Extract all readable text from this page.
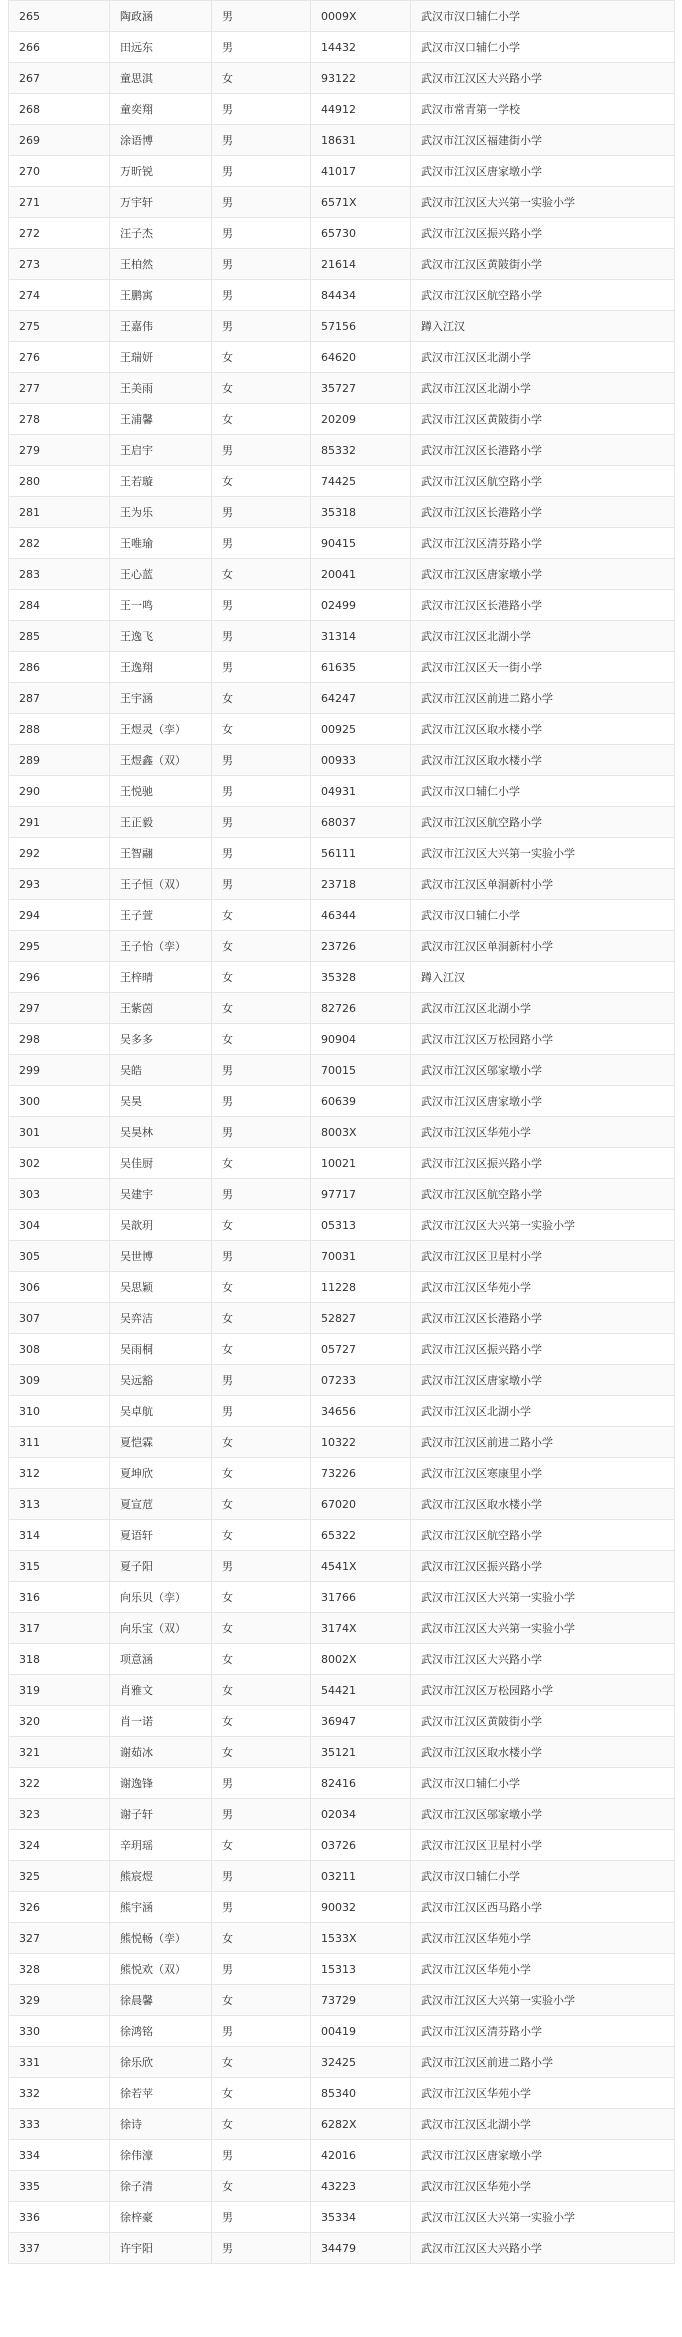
265	陶政涵	男	0009X	武汉市汉口辅仁小学
266	田远东	男	14432	武汉市汉口辅仁小学
267	童思淇	女	93122	武汉市江汉区大兴路小学
268	童奕翔	男	44912	武汉市常青第一学校
269	涂语博	男	18631	武汉市江汉区福建街小学
270	万昕锐	男	41017	武汉市江汉区唐家墩小学
271	万宇轩	男	6571X	武汉市江汉区大兴第一实验小学
272	汪子杰	男	65730	武汉市江汉区振兴路小学
273	王柏然	男	21614	武汉市江汉区黄陂街小学
274	王鹏寓	男	84434	武汉市江汉区航空路小学
275	王嘉伟	男	57156	蹲入江汉
276	王瑞妍	女	64620	武汉市江汉区北湖小学
277	王美雨	女	35727	武汉市江汉区北湖小学
278	王浦馨	女	20209	武汉市江汉区黄陂街小学
279	王启宇	男	85332	武汉市江汉区长港路小学
280	王若璇	女	74425	武汉市江汉区航空路小学
281	王为乐	男	35318	武汉市江汉区长港路小学
282	王唯瑜	男	90415	武汉市江汉区清芬路小学
283	王心蓝	女	20041	武汉市江汉区唐家墩小学
284	王一鸣	男	02499	武汉市江汉区长港路小学
285	王逸飞	男	31314	武汉市江汉区北湖小学
286	王逸翔	男	61635	武汉市江汉区天一街小学
287	王宇涵	女	64247	武汉市江汉区前进二路小学
288	王煜灵（孪）	女	00925	武汉市江汉区取水楼小学
289	王煜鑫（双）	男	00933	武汉市江汉区取水楼小学
290	王悦驰	男	04931	武汉市汉口辅仁小学
291	王正毅	男	68037	武汉市江汉区航空路小学
292	王智翮	男	56111	武汉市江汉区大兴第一实验小学
293	王子恒（双）	男	23718	武汉市江汉区单洞新村小学
294	王子萱	女	46344	武汉市汉口辅仁小学
295	王子怡（孪）	女	23726	武汉市江汉区单洞新村小学
296	王梓晴	女	35328	蹲入江汉
297	王紫茵	女	82726	武汉市江汉区北湖小学
298	吴多多	女	90904	武汉市江汉区万松园路小学
299	吴皓	男	70015	武汉市江汉区邬家墩小学
300	吴昊	男	60639	武汉市江汉区唐家墩小学
301	吴昊林	男	8003X	武汉市江汉区华苑小学
302	吴佳厨	女	10021	武汉市江汉区振兴路小学
303	吴建宇	男	97717	武汉市江汉区航空路小学
304	吴歆玥	女	05313	武汉市江汉区大兴第一实验小学
305	吴世博	男	70031	武汉市江汉区卫星村小学
306	吴思颖	女	11228	武汉市江汉区华苑小学
307	吴弈洁	女	52827	武汉市江汉区长港路小学
308	吴雨桐	女	05727	武汉市江汉区振兴路小学
309	吴远豁	男	07233	武汉市江汉区唐家墩小学
310	吴卓航	男	34656	武汉市江汉区北湖小学
311	夏恺霖	女	10322	武汉市江汉区前进二路小学
312	夏坤欣	女	73226	武汉市江汉区寒康里小学
313	夏宣苊	女	67020	武汉市江汉区取水楼小学
314	夏语轩	女	65322	武汉市江汉区航空路小学
315	夏子阳	男	4541X	武汉市江汉区振兴路小学
316	向乐贝（孪）	女	31766	武汉市江汉区大兴第一实验小学
317	向乐宝（双）	女	3174X	武汉市江汉区大兴第一实验小学
318	项意涵	女	8002X	武汉市江汉区大兴路小学
319	肖雅文	女	54421	武汉市江汉区万松园路小学
320	肖一诺	女	36947	武汉市江汉区黄陂街小学
321	谢茹冰	女	35121	武汉市江汉区取水楼小学
322	谢逸锋	男	82416	武汉市汉口辅仁小学
323	谢子轩	男	02034	武汉市江汉区邬家墩小学
324	辛玥瑶	女	03726	武汉市江汉区卫星村小学
325	熊宸煜	男	03211	武汉市汉口辅仁小学
326	熊宇涵	男	90032	武汉市江汉区西马路小学
327	熊悦畅（孪）	女	1533X	武汉市江汉区华苑小学
328	熊悦欢（双）	男	15313	武汉市江汉区华苑小学
329	徐晨馨	女	73729	武汉市江汉区大兴第一实验小学
330	徐鸿铭	男	00419	武汉市江汉区清芬路小学
331	徐乐欣	女	32425	武汉市江汉区前进二路小学
332	徐若苹	女	85340	武汉市江汉区华苑小学
333	徐诗	女	6282X	武汉市江汉区北湖小学
334	徐伟濠	男	42016	武汉市江汉区唐家墩小学
335	徐子清	女	43223	武汉市江汉区华苑小学
336	徐梓豪	男	35334	武汉市江汉区大兴第一实验小学
337	许宇阳	男	34479	武汉市江汉区大兴路小学
